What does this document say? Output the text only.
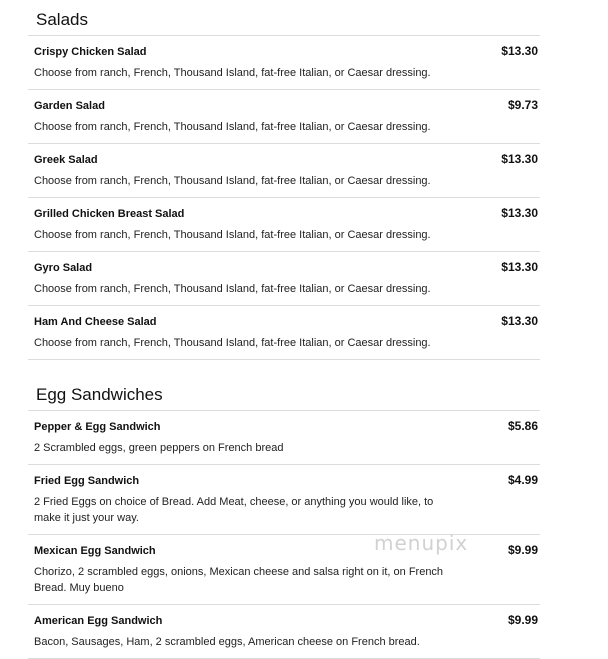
Salads
Crispy Chicken Salad	$13.30
Choose from ranch, French, Thousand Island, fat-free Italian, or Caesar dressing.
Garden Salad	$9.73
Choose from ranch, French, Thousand Island, fat-free Italian, or Caesar dressing.
Greek Salad	$13.30
Choose from ranch, French, Thousand Island, fat-free Italian, or Caesar dressing.
Grilled Chicken Breast Salad	$13.30
Choose from ranch, French, Thousand Island, fat-free Italian, or Caesar dressing.
Gyro Salad	$13.30
Choose from ranch, French, Thousand Island, fat-free Italian, or Caesar dressing.
Ham And Cheese Salad	$13.30
Choose from ranch, French, Thousand Island, fat-free Italian, or Caesar dressing.
Egg Sandwiches
Pepper & Egg Sandwich	$5.86
2 Scrambled eggs, green peppers on French bread
Fried Egg Sandwich	$4.99
2 Fried Eggs on choice of Bread. Add Meat, cheese, or anything you would like, to make it just your way.
Mexican Egg Sandwich	$9.99
Chorizo, 2 scrambled eggs, onions, Mexican cheese and salsa right on it, on French Bread. Muy bueno
American Egg Sandwich	$9.99
Bacon, Sausages, Ham, 2 scrambled eggs, American cheese on French bread.
menupix
